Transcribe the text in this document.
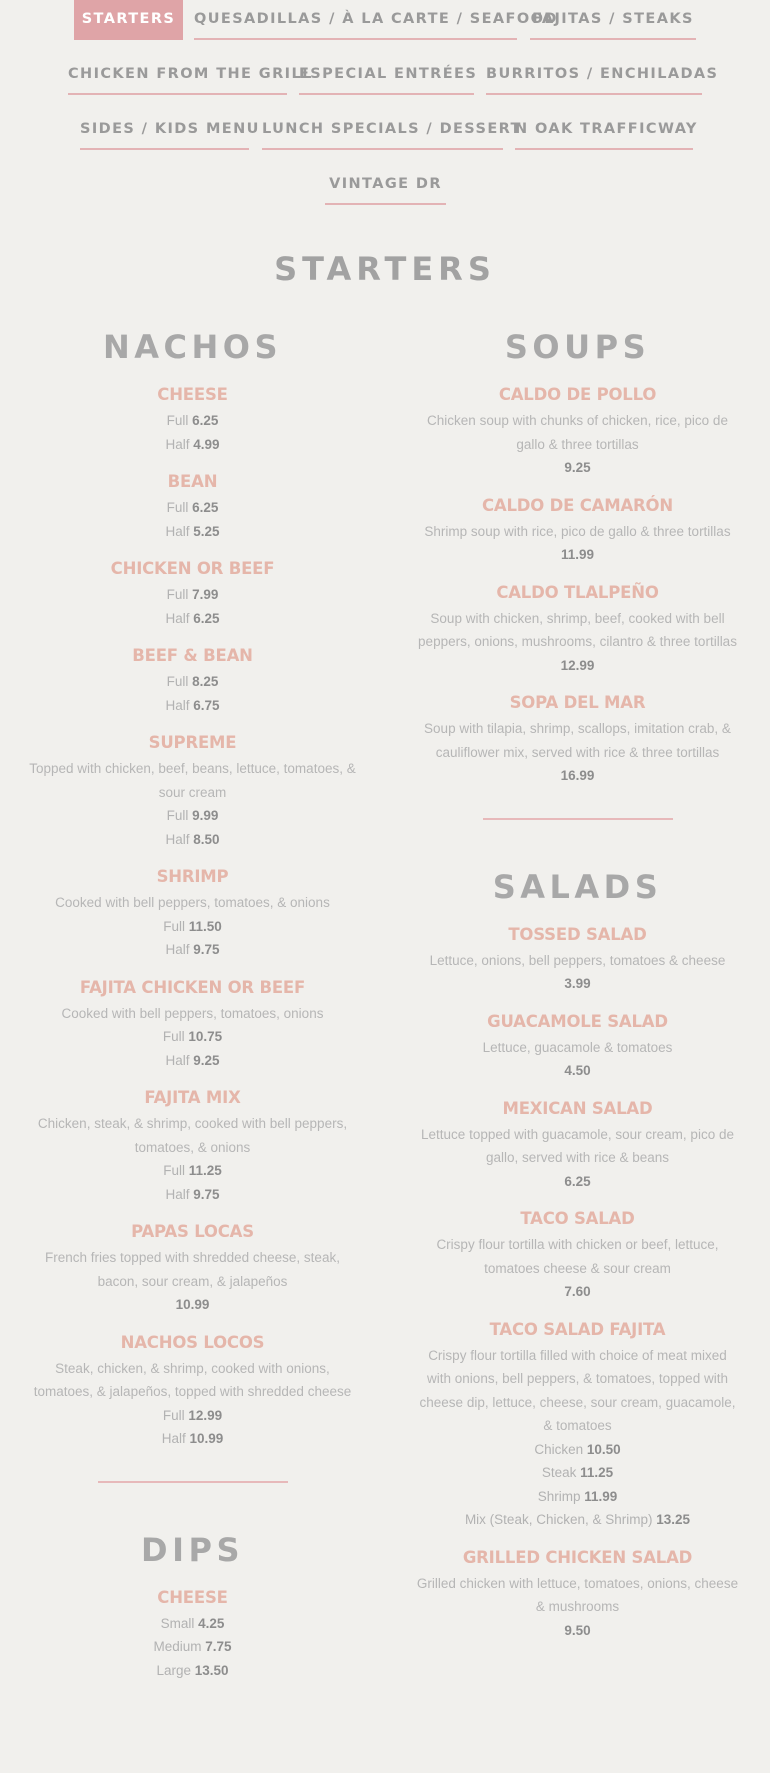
STARTERS	QUESADILLAS / À LA CARTE / SEAFOOD
FAJITAS / STEAKS
CHICKEN FROM THE GRILL
ESPECIAL ENTRÉES BURRITOS / ENCHILADAS
SIDES / KIDS MENU LUNCH SPECIALS / DESSERT
N OAK TRAFFICWAY
VINTAGE DR
STARTERS
NACHOS
CHEESE
Full 6.25
Half 4.99
BEAN
Full 6.25
Half 5.25
CHICKEN OR BEEF
Full 7.99
Half 6.25
BEEF & BEAN
Full 8.25
Half 6.75
SUPREME
Topped with chicken, beef, beans, lettuce, tomatoes, & sour cream
Full 9.99
Half 8.50
SHRIMP
Cooked with bell peppers, tomatoes, & onions
Full 11.50
Half 9.75
FAJITA CHICKEN OR BEEF
Cooked with bell peppers, tomatoes, onions
Full 10.75
Half 9.25
FAJITA MIX
Chicken, steak, & shrimp, cooked with bell peppers, tomatoes, & onions
Full 11.25
Half 9.75
PAPAS LOCAS
French fries topped with shredded cheese, steak, bacon, sour cream, & jalapeños
10.99
NACHOS LOCOS
Steak, chicken, & shrimp, cooked with onions, tomatoes, & jalapeños, topped with shredded cheese
Full 12.99
Half 10.99
DIPS
CHEESE
Small 4.25
Medium 7.75
Large 13.50
SOUPS
CALDO DE POLLO
Chicken soup with chunks of chicken, rice, pico de gallo & three tortillas
9.25
CALDO DE CAMARÓN
Shrimp soup with rice, pico de gallo & three tortillas
11.99
CALDO TLALPEÑO
Soup with chicken, shrimp, beef, cooked with bell peppers, onions, mushrooms, cilantro & three tortillas
12.99
SOPA DEL MAR
Soup with tilapia, shrimp, scallops, imitation crab, & cauliflower mix, served with rice & three tortillas
16.99
SALADS
TOSSED SALAD
Lettuce, onions, bell peppers, tomatoes & cheese
3.99
GUACAMOLE SALAD
Lettuce, guacamole & tomatoes
4.50
MEXICAN SALAD
Lettuce topped with guacamole, sour cream, pico de gallo, served with rice & beans
6.25
TACO SALAD
Crispy flour tortilla with chicken or beef, lettuce, tomatoes cheese & sour cream
7.60
TACO SALAD FAJITA
Crispy flour tortilla filled with choice of meat mixed with onions, bell peppers, & tomatoes, topped with cheese dip, lettuce, cheese, sour cream, guacamole, & tomatoes
Chicken 10.50
Steak 11.25
Shrimp 11.99
Mix (Steak, Chicken, & Shrimp) 13.25
GRILLED CHICKEN SALAD
Grilled chicken with lettuce, tomatoes, onions, cheese & mushrooms
9.50
